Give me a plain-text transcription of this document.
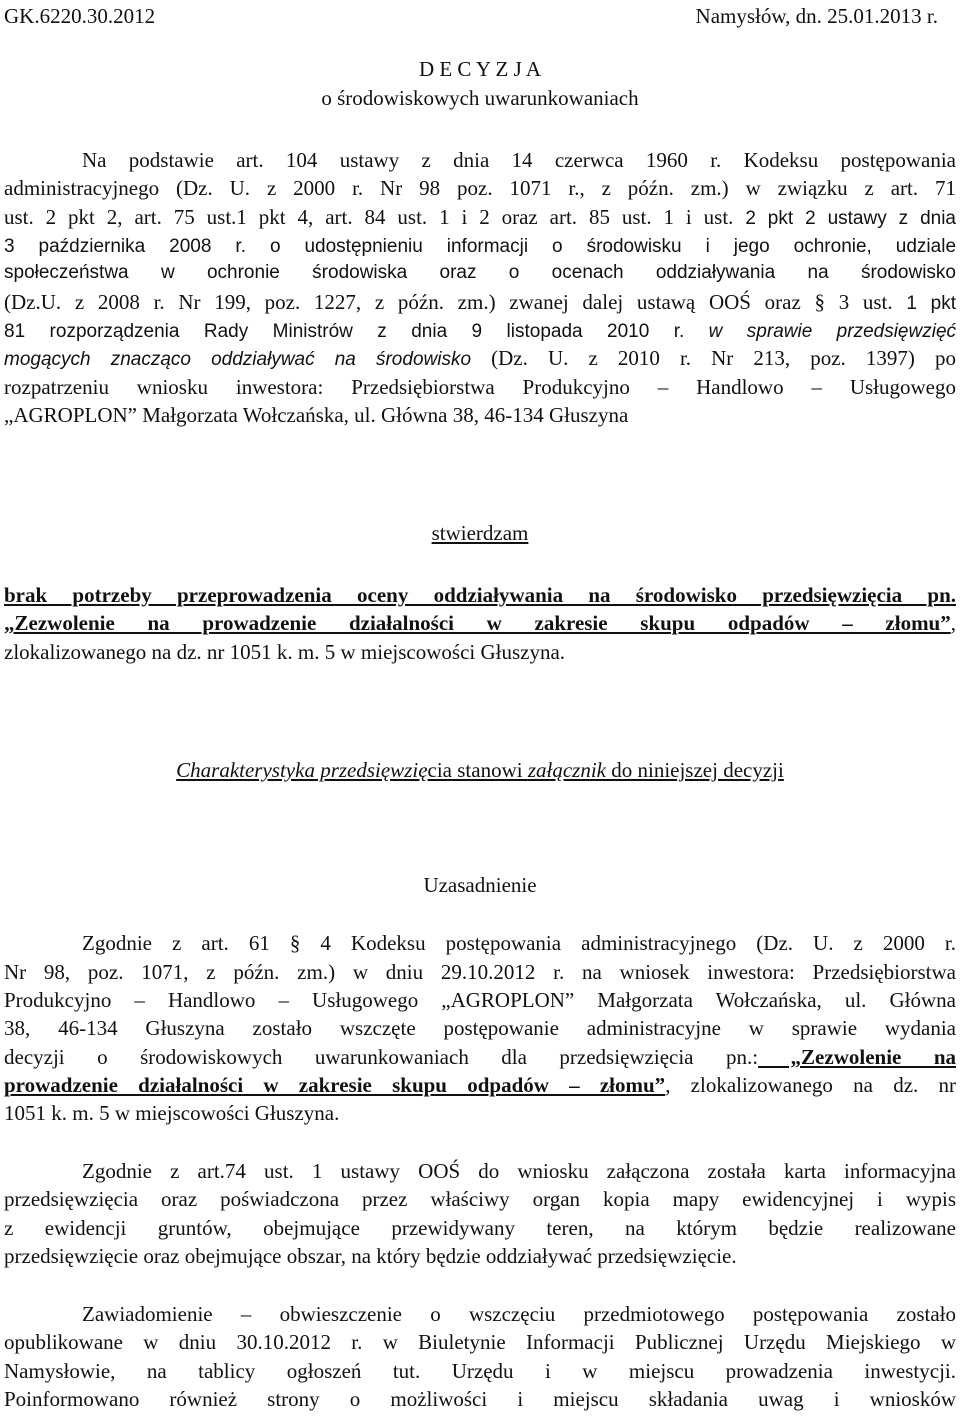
GK.6220.30.2012	Namysłów, dn. 25.01.2013 r.
D E C Y Z J A
o środowiskowych uwarunkowaniach
Na podstawie art. 104 ustawy z dnia 14 czerwca 1960 r. Kodeksu postępowania
administracyjnego (Dz. U. z 2000 r. Nr 98 poz. 1071 r., z późn. zm.) w związku z art. 71
ust. 2 pkt 2, art. 75 ust.1 pkt 4, art. 84 ust. 1 i 2 oraz art. 85 ust. 1 i ust. 2 pkt 2 ustawy z dnia
3 października 2008 r. o udostępnieniu informacji o środowisku i jego ochronie, udziale
społeczeństwa w ochronie środowiska oraz o ocenach oddziaływania na środowisko
(Dz.U. z 2008 r. Nr 199, poz. 1227, z późn. zm.) zwanej dalej ustawą OOŚ oraz § 3 ust. 1 pkt
81 rozporządzenia Rady Ministrów z dnia 9 listopada 2010 r. w sprawie przedsięwzięć
mogących znacząco oddziaływać na środowisko (Dz. U. z 2010 r. Nr 213, poz. 1397) po
rozpatrzeniu wniosku inwestora: Przedsiębiorstwa Produkcyjno – Handlowo – Usługowego
„AGROPLON” Małgorzata Wołczańska, ul. Główna 38, 46-134 Głuszyna
stwierdzam
brak potrzeby przeprowadzenia oceny oddziaływania na środowisko przedsięwzięcia pn.
„Zezwolenie na prowadzenie działalności w zakresie skupu odpadów – złomu”,
zlokalizowanego na dz. nr 1051 k. m. 5 w miejscowości Głuszyna.
Charakterystyka przedsięwzięcia stanowi załącznik do niniejszej decyzji
Uzasadnienie
Zgodnie z art. 61 § 4 Kodeksu postępowania administracyjnego (Dz. U. z 2000 r.
Nr 98, poz. 1071, z późn. zm.) w dniu 29.10.2012 r. na wniosek inwestora: Przedsiębiorstwa
Produkcyjno – Handlowo – Usługowego „AGROPLON” Małgorzata Wołczańska, ul. Główna
38, 46-134 Głuszyna zostało wszczęte postępowanie administracyjne w sprawie wydania
decyzji o środowiskowych uwarunkowaniach dla przedsięwzięcia pn.: „Zezwolenie na
prowadzenie działalności w zakresie skupu odpadów – złomu”, zlokalizowanego na dz. nr
1051 k. m. 5 w miejscowości Głuszyna.
Zgodnie z art.74 ust. 1 ustawy OOŚ do wniosku załączona została karta informacyjna
przedsięwzięcia oraz poświadczona przez właściwy organ kopia mapy ewidencyjnej i wypis
z ewidencji gruntów, obejmujące przewidywany teren, na którym będzie realizowane
przedsięwzięcie oraz obejmujące obszar, na który będzie oddziaływać przedsięwzięcie.
Zawiadomienie – obwieszczenie o wszczęciu przedmiotowego postępowania zostało
opublikowane w dniu 30.10.2012 r. w Biuletynie Informacji Publicznej Urzędu Miejskiego w
Namysłowie, na tablicy ogłoszeń tut. Urzędu i w miejscu prowadzenia inwestycji.
Poinformowano również strony o możliwości i miejscu składania uwag i wniosków
